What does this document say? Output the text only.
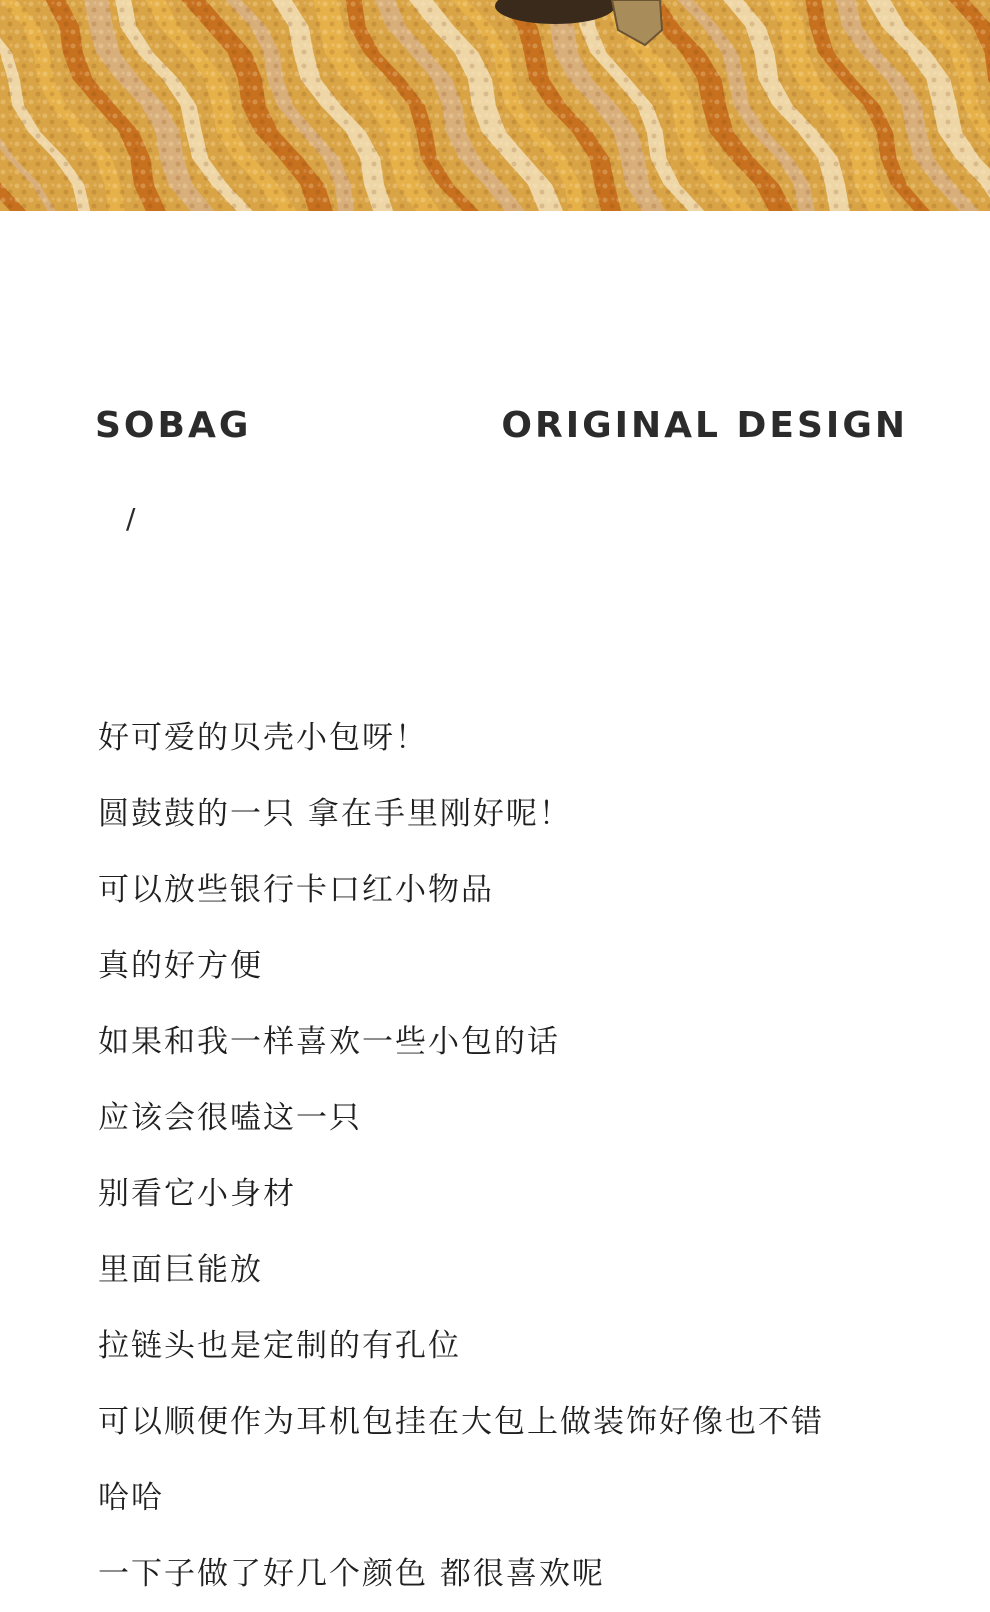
SOBAG	ORIGINAL DESIGN
/
好可爱的贝壳小包呀！
圆鼓鼓的一只 拿在手里刚好呢！
可以放些银行卡口红小物品
真的好方便
如果和我一样喜欢一些小包的话
应该会很嗑这一只
别看它小身材
里面巨能放
拉链头也是定制的有孔位
可以顺便作为耳机包挂在大包上做装饰好像也不错
哈哈
一下子做了好几个颜色 都很喜欢呢
